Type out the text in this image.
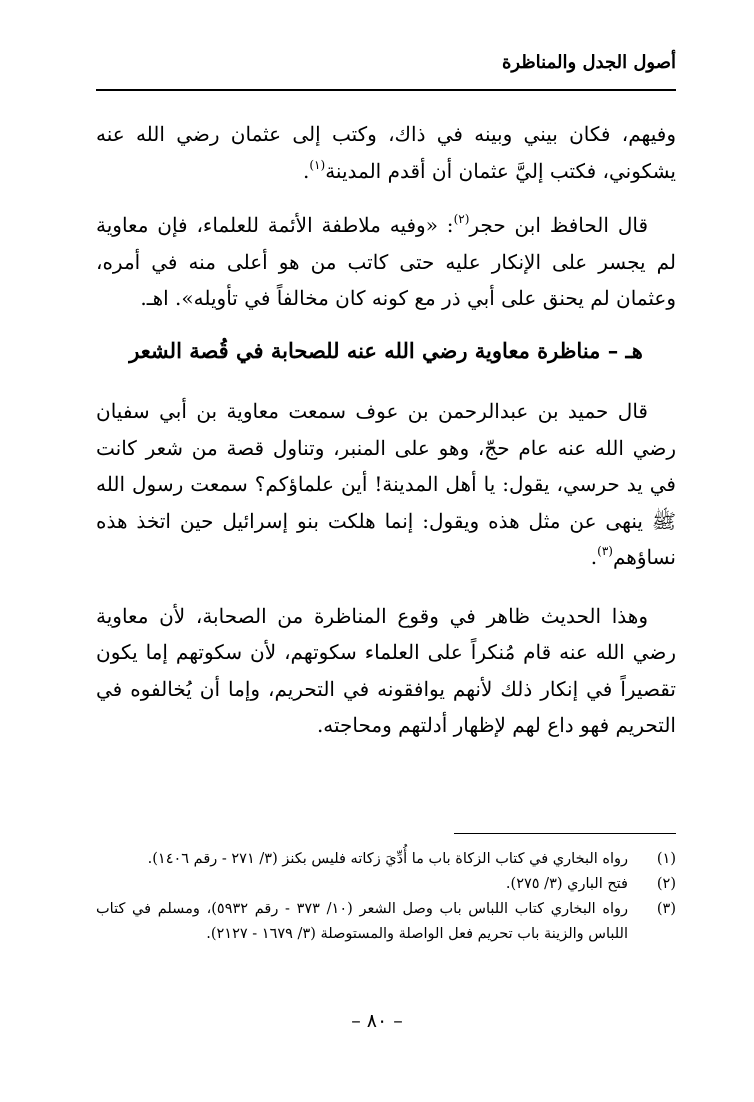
أصول الجدل والمناظرة

وفيهم، فكان بيني وبينه في ذاك، وكتب إلى عثمان رضي الله عنه يشكوني، فكتب إليَّ عثمان أن أقدم المدينة$^{(١)}$.

قال الحافظ ابن حجر$^{(٢)}$: «وفيه ملاطفة الأئمة للعلماء، فإن معاوية لم يجسر على الإنكار عليه حتى كاتب من هو أعلى منه في أمره، وعثمان لم يحنق على أبي ذر مع كونه كان مخالفاً في تأويله». اهـ.

هـ – مناظرة معاوية رضي الله عنه للصحابة في قُصة الشعر

قال حميد بن عبدالرحمن بن عوف سمعت معاوية بن أبي سفيان رضي الله عنه عام حجّ، وهو على المنبر، وتناول قصة من شعر كانت في يد حرسي، يقول: يا أهل المدينة! أين علماؤكم؟ سمعت رسول الله ﷺ ينهى عن مثل هذه ويقول: إنما هلكت بنو إسرائيل حين اتخذ هذه نساؤهم$^{(٣)}$.

وهذا الحديث ظاهر في وقوع المناظرة من الصحابة، لأن معاوية رضي الله عنه قام مُنكراً على العلماء سكوتهم، لأن سكوتهم إما يكون تقصيراً في إنكار ذلك لأنهم يوافقونه في التحريم، وإما أن يُخالفوه في التحريم فهو داع لهم لإظهار أدلتهم ومحاجته.

(١)
رواه البخاري في كتاب الزكاة باب ما أُدِّيَ زكاته فليس بكنز (٣/ ٢٧١ - رقم ١٤٠٦).
(٢)
فتح الباري (٣/ ٢٧٥).
(٣)
رواه البخاري كتاب اللباس باب وصل الشعر (١٠/ ٣٧٣ - رقم ٥٩٣٢)، ومسلم في كتاب اللباس والزينة باب تحريم فعل الواصلة والمستوصلة (٣/ ١٦٧٩ - ٢١٢٧).
– ٨٠ –
